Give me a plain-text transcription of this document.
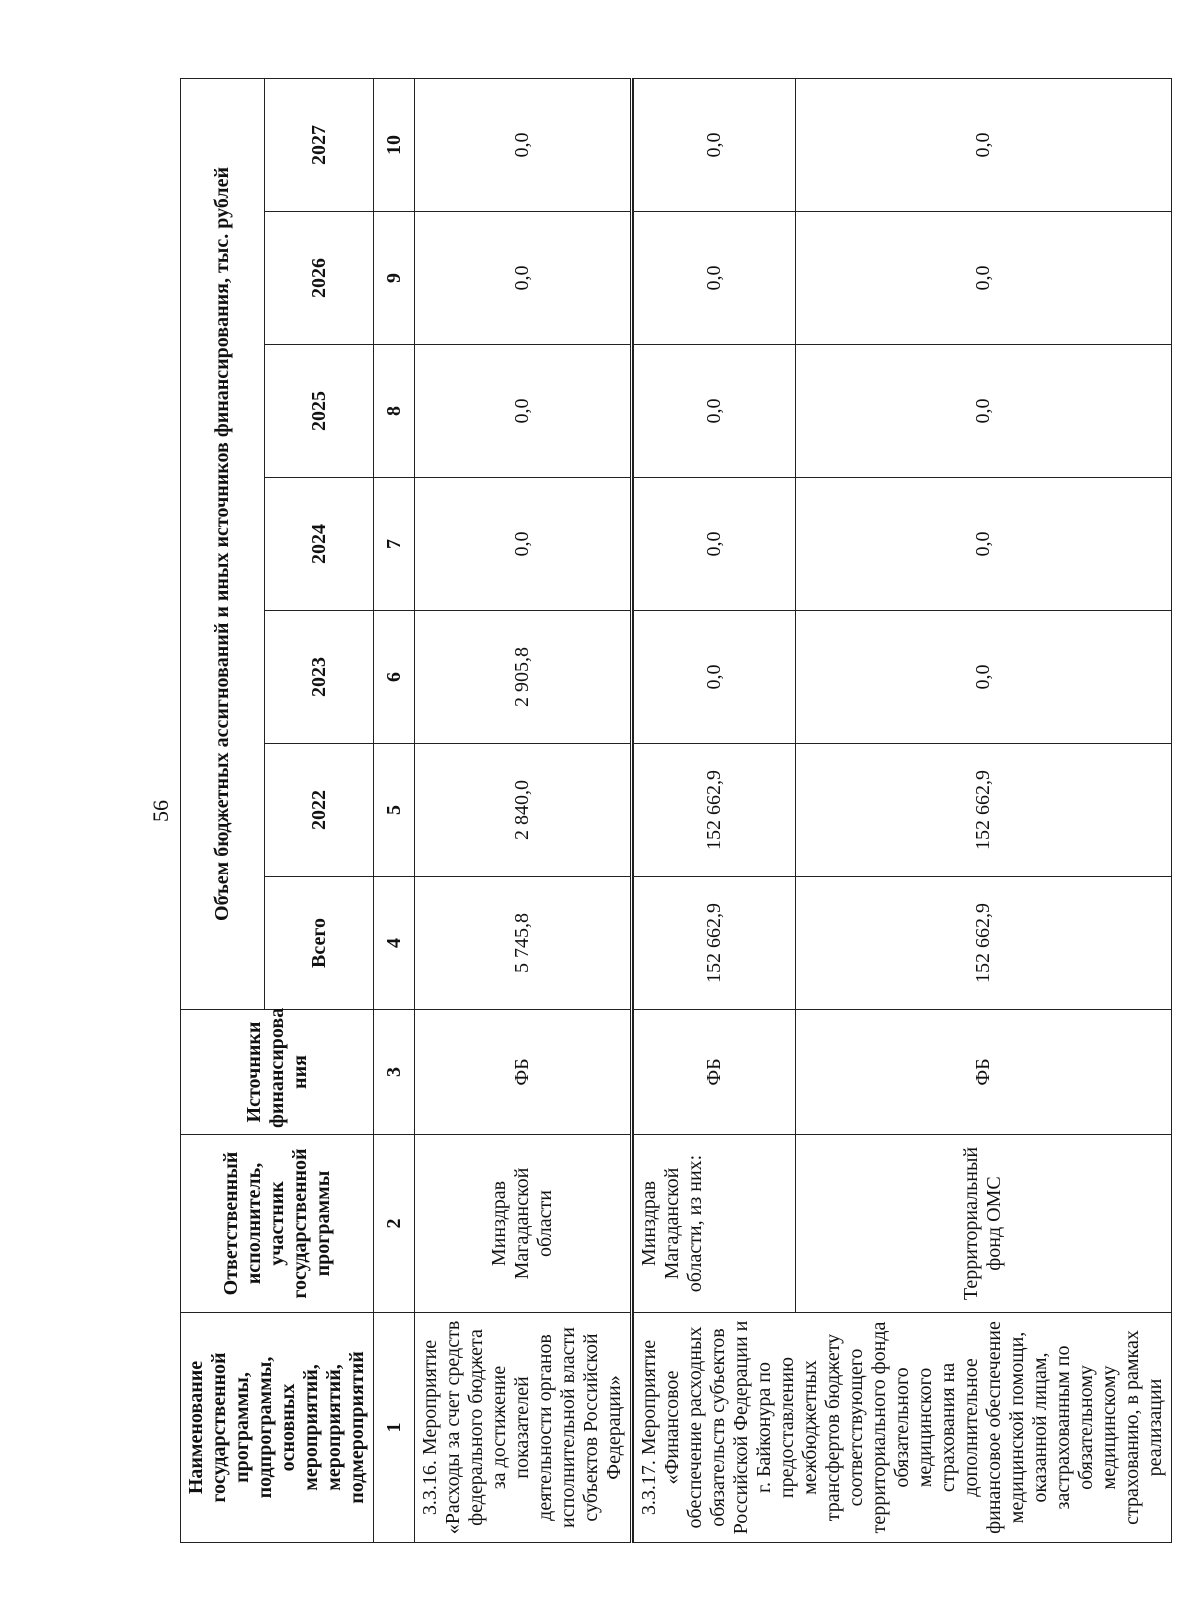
56
Наименование государственной программы, подпрограммы, основных мероприятий, мероприятий, подмероприятий	Ответственный исполнитель, участник государственной программы	Источники финансирова ния	Объем бюджетных ассигнований и иных источников финансирования, тыс. рублей						
			Всего	2022	2023	2024	2025	2026	2027
1	2	3	4	5	6	7	8	9	10
3.3.16. Мероприятие «Расходы за счет средств федерального бюджета за достижение показателей деятельности органов исполнительной власти субъектов Российской Федерации»	Минздрав Магаданской области	ФБ	5 745,8	2 840,0	2 905,8	0,0	0,0	0,0	0,0

3.3.17. Мероприятие «Финансовое обеспечение расходных обязательств субъектов Российской Федерации и г. Байконура по предоставлению межбюджетных трансфертов бюджету соответствующего территориального фонда обязательного медицинского страхования на дополнительное финансовое обеспечение медицинской помощи, оказанной лицам, застрахованным по обязательному медицинскому страхованию, в рамках реализации	Минздрав Магаданской области, из них:	ФБ	152 662,9	152 662,9	0,0	0,0	0,0	0,0	0,0
	Территориальный фонд ОМС	ФБ	152 662,9	152 662,9	0,0	0,0	0,0	0,0	0,0
